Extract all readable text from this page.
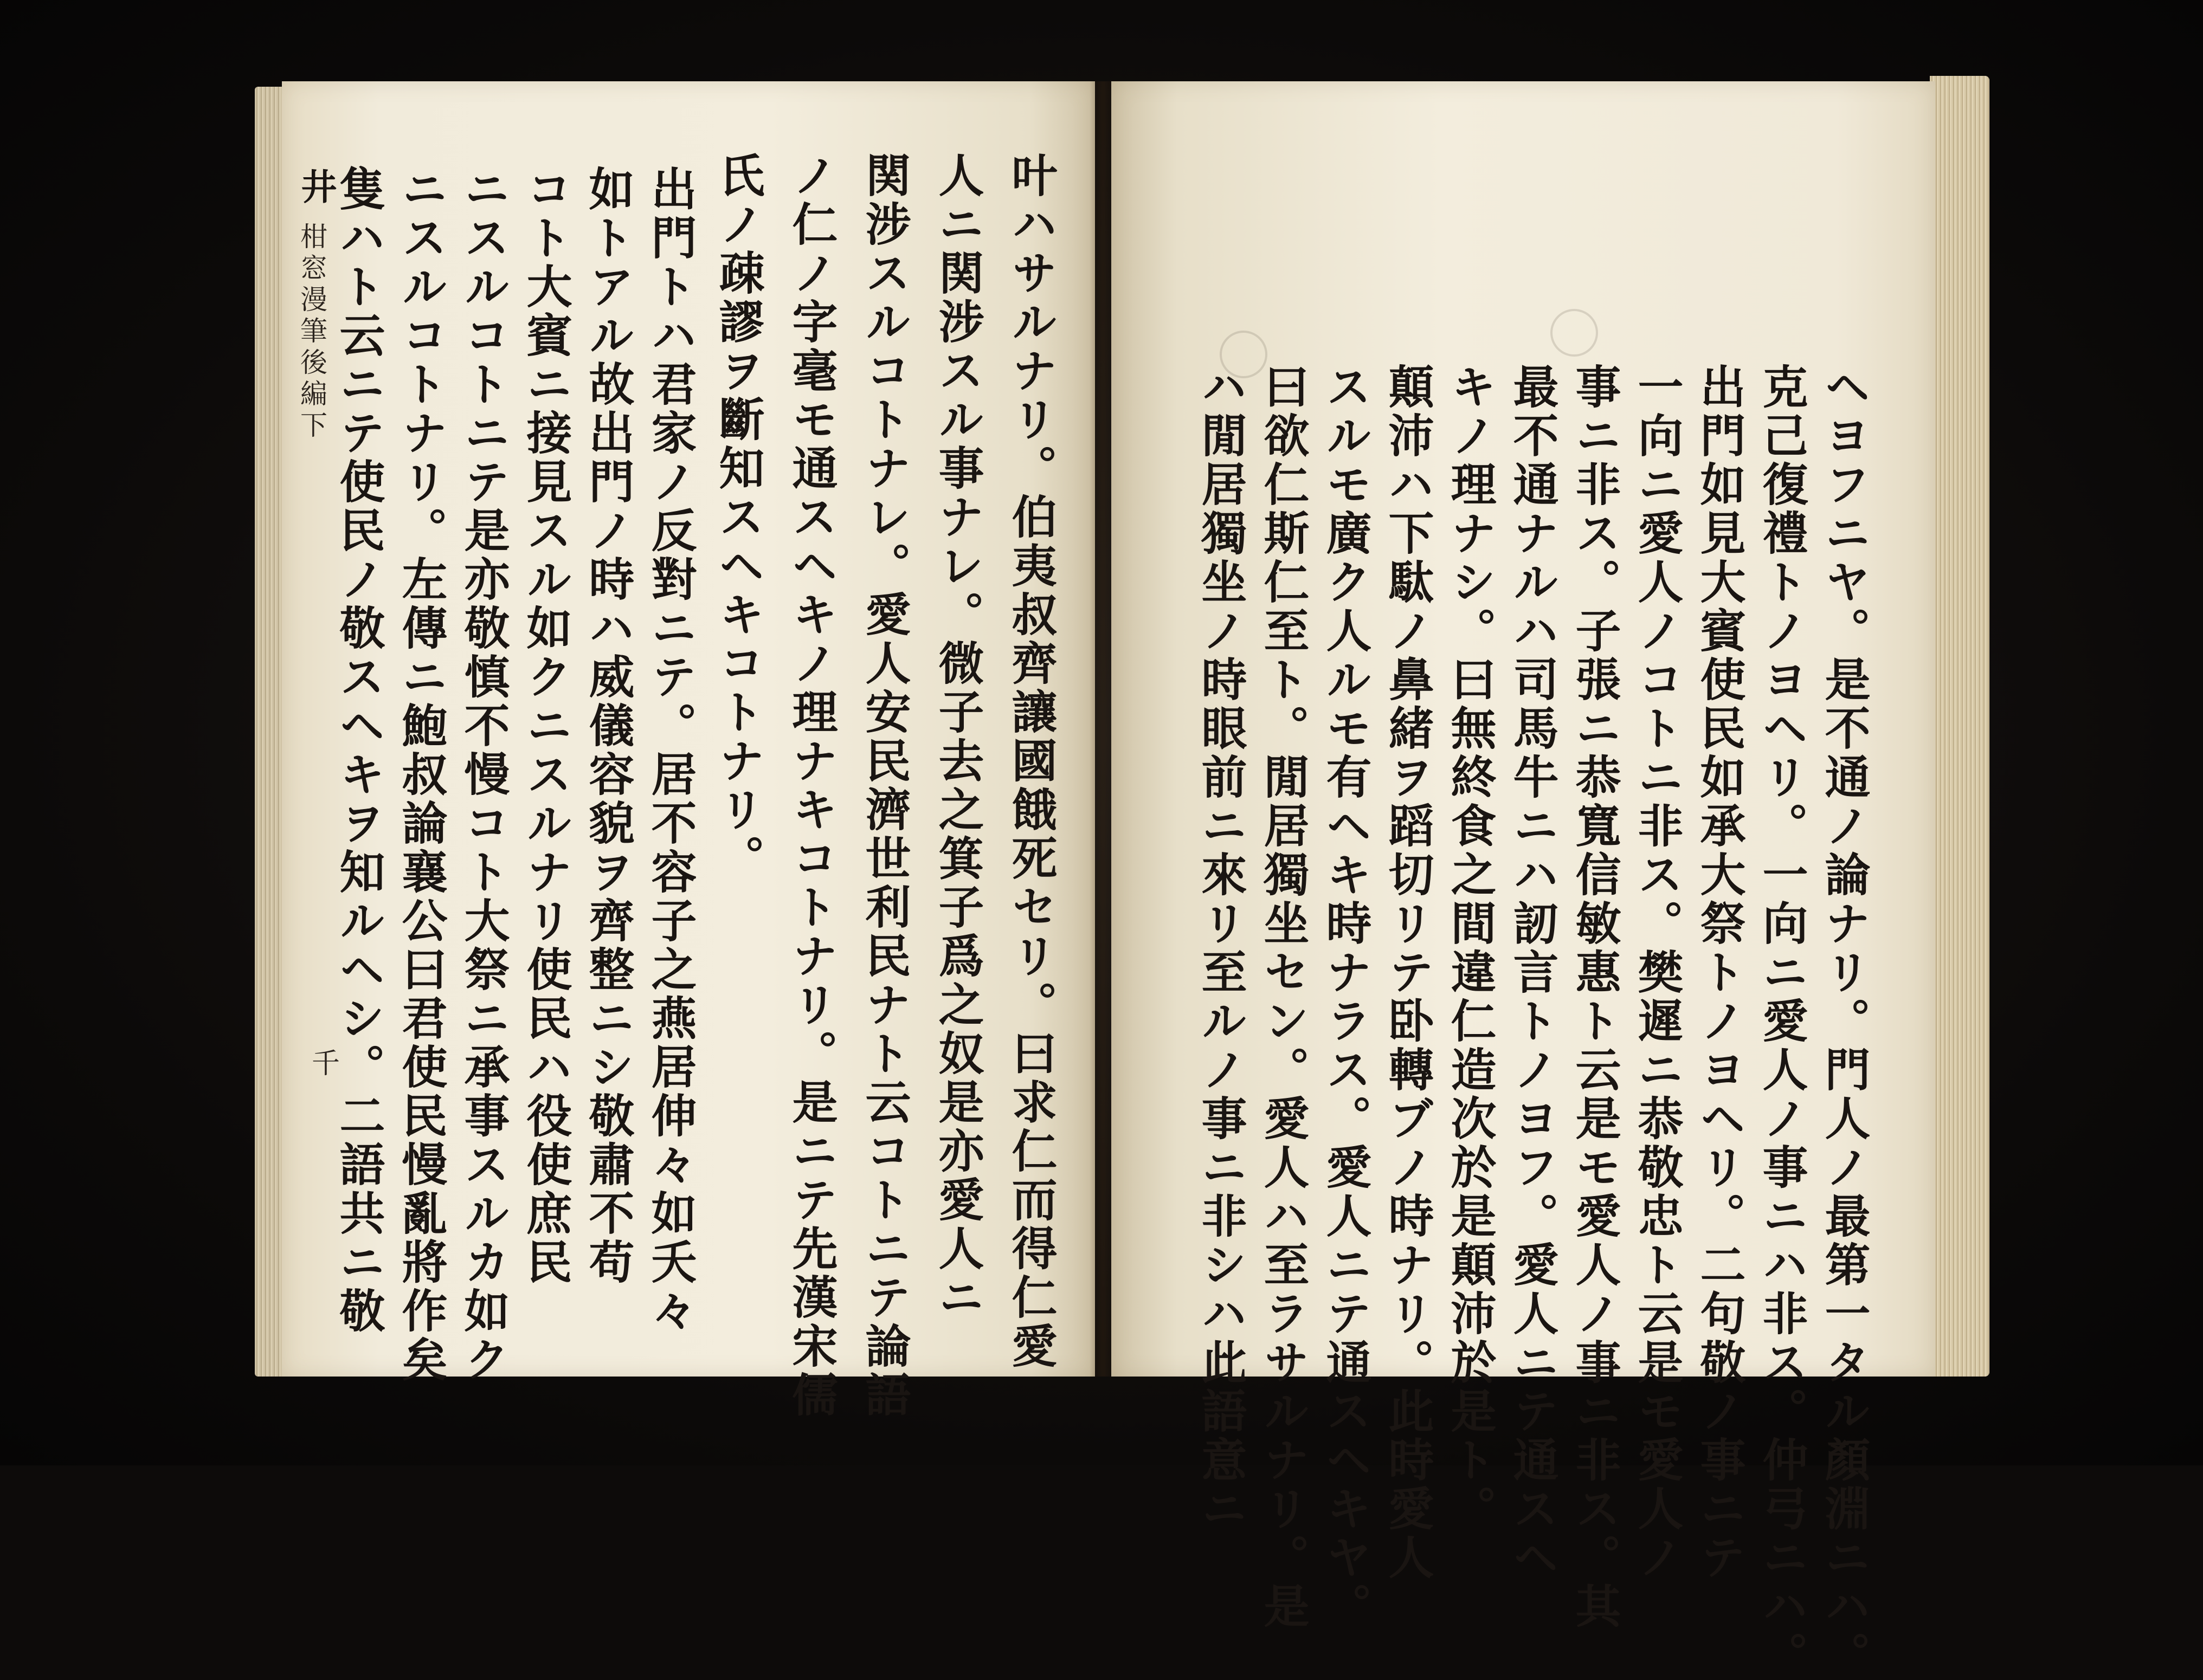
叶ハサルナリ。伯夷叔齊讓國餓死セリ。曰求仁而得仁愛
人ニ関涉スル事ナレ。微子去之箕子爲之奴是亦愛人ニ
関涉スルコトナレ。愛人安民濟世利民ナト云コトニテ論語
ノ仁ノ字毫モ通スヘキノ理ナキコトナリ。是ニテ先漢宋儒
氏ノ疎謬ヲ斷知スヘキコトナリ。
出門トハ君家ノ反對ニテ。居不容子之燕居伸々如夭々
如トアル故出門ノ時ハ威儀容貌ヲ齊整ニシ敬肅不苟
コト大賓ニ接見スル如クニスルナリ使民ハ役使庶民
ニスルコトニテ是亦敬慎不慢コト大祭ニ承事スルカ如ク
ニスルコトナリ。左傳ニ鮑叔論襄公曰君使民慢亂將作矣
隻ハト云ニテ使民ノ敬スヘキヲ知ルヘシ。二語共ニ敬
井
柑窓漫筆後編下
千	ヘヨフニヤ。是不通ノ論ナリ。門人ノ最第一タル顏淵ニハ。
克己復禮トノヨヘリ。一向ニ愛人ノ事ニハ非ス。仲弓ニハ。
出門如見大賓使民如承大祭トノヨヘリ。二句敬ノ事ニテ
一向ニ愛人ノコトニ非ス。樊遲ニ恭敬忠ト云是モ愛人ノ
事ニ非ス。子張ニ恭寬信敏惠ト云是モ愛人ノ事ニ非ス。其
最不通ナルハ司馬牛ニハ訒言トノヨフ。愛人ニテ通スヘ
キノ理ナシ。曰無終食之間違仁造次於是顛沛於是ト。
顛沛ハ下駄ノ鼻緒ヲ蹈切リテ卧轉ブノ時ナリ。此時愛人
スルモ廣ク人ルモ有ヘキ時ナラス。愛人ニテ通スヘキヤ。
曰欲仁斯仁至ト。閒居獨坐セン。愛人ハ至ラサルナリ。是
ハ閒居獨坐ノ時眼前ニ來リ至ルノ事ニ非シハ此語意ニ
